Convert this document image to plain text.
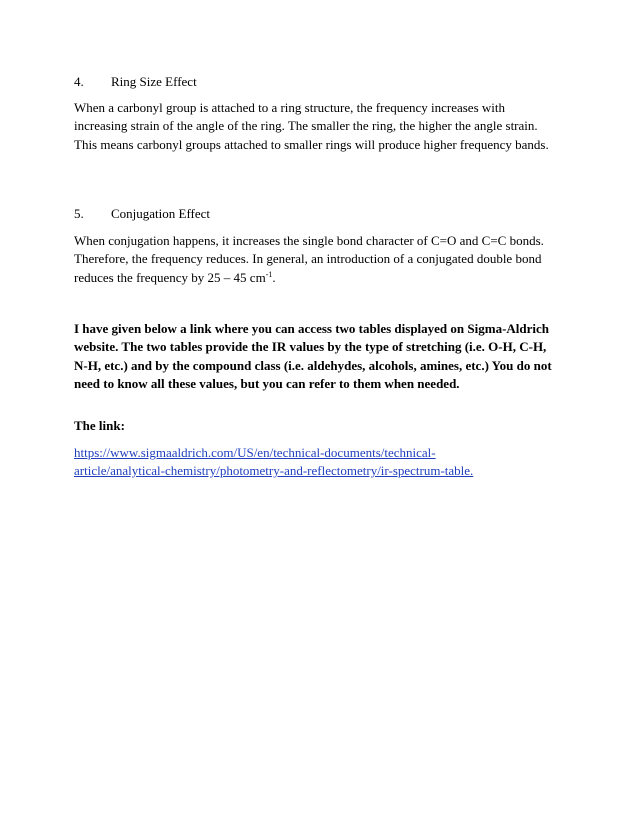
4. Ring Size Effect

When a carbonyl group is attached to a ring structure, the frequency increases with increasing strain of the angle of the ring. The smaller the ring, the higher the angle strain. This means carbonyl groups attached to smaller rings will produce higher frequency bands.

5. Conjugation Effect

When conjugation happens, it increases the single bond character of C=O and C=C bonds. Therefore, the frequency reduces. In general, an introduction of a conjugated double bond reduces the frequency by 25 – 45 $cm^{-1}$.

I have given below a link where you can access two tables displayed on Sigma-Aldrich website. The two tables provide the IR values by the type of stretching (i.e. O-H, C-H, N-H, etc.) and by the compound class (i.e. aldehydes, alcohols, amines, etc.) You do not need to know all these values, but you can refer to them when needed.

The link:

https://www.sigmaaldrich.com/US/en/technical-documents/technical-
article/analytical-chemistry/photometry-and-reflectometry/ir-spectrum-table.
